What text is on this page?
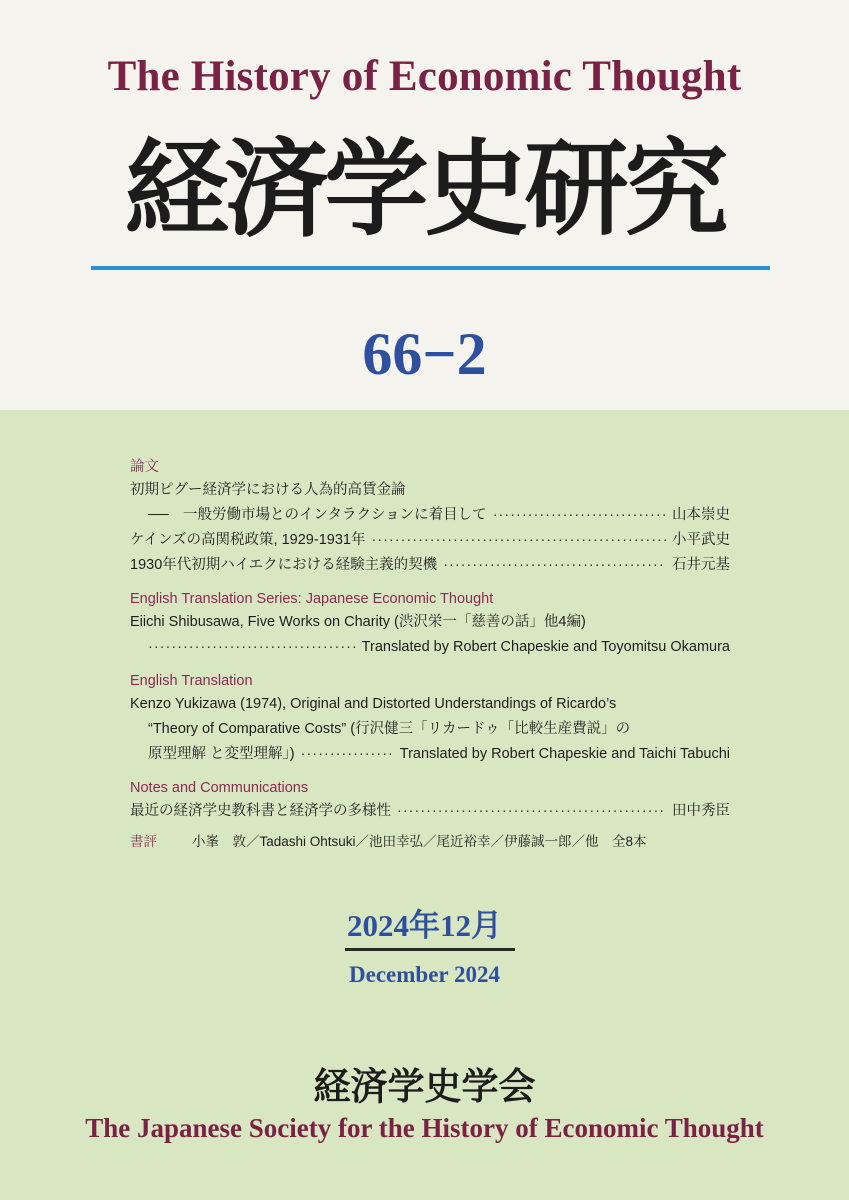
The History of Economic Thought
経済学史研究
66−2
論文
初期ピグー経済学における人為的高賃金論
──　一般労働市場とのインタラクションに着目して ·····	山本崇史
ケインズの高関税政策, 1929-1931年 ·····	小平武史
1930年代初期ハイエクにおける経験主義的契機 ·····	石井元基
English Translation Series: Japanese Economic Thought
Eiichi Shibusawa, Five Works on Charity (渋沢栄一「慈善の話」他4編)
·····
Translated by Robert Chapeskie and Toyomitsu Okamura
English Translation
Kenzo Yukizawa (1974), Original and Distorted Understandings of Ricardo’s
“Theory of Comparative Costs” (行沢健三「リカードゥ「比較生産費説」の
原型理解 と変型理解」) ·····	Translated by Robert Chapeskie and Taichi Tabuchi
Notes and Communications
最近の経済学史教科書と経済学の多様性 ·····	田中秀臣
書評	小峯　敦／Tadashi Ohtsuki／池田幸弘／尾近裕幸／伊藤誠一郎／他　全8本
2024年12月
December 2024
経済学史学会
The Japanese Society for the History of Economic Thought
